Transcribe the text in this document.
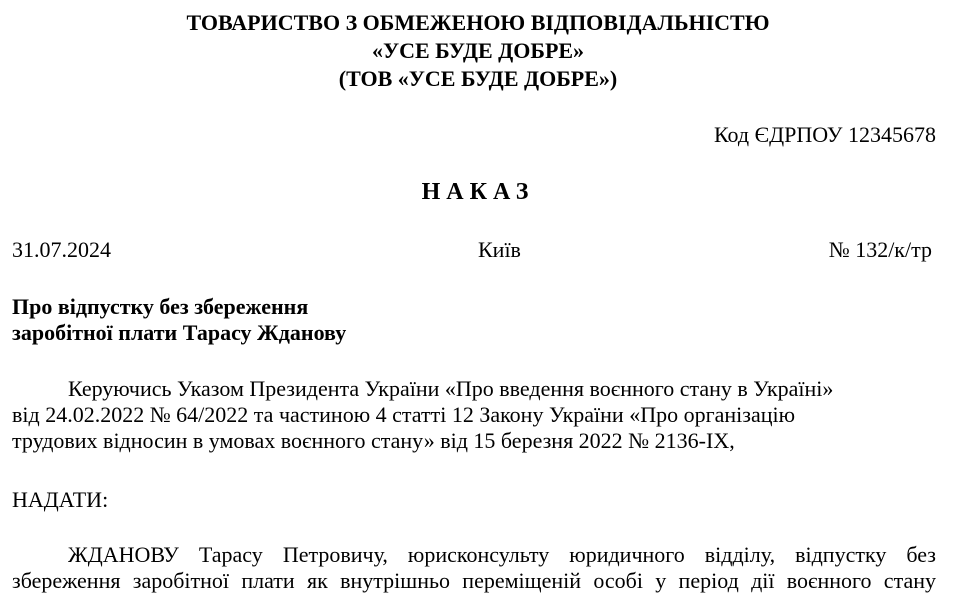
ТОВАРИСТВО З ОБМЕЖЕНОЮ ВІДПОВІДАЛЬНІСТЮ
«УСЕ БУДЕ ДОБРЕ»
(ТОВ «УСЕ БУДЕ ДОБРЕ»)
Код ЄДРПОУ 12345678
НАКАЗ
31.07.2024	Київ	№ 132/к/тр
Про відпустку без збереження
заробітної плати Тарасу Жданову
Керуючись Указом Президента України «Про введення воєнного стану в Україні»
від 24.02.2022 № 64/2022 та частиною 4 статті 12 Закону України «Про організацію
трудових відносин в умовах воєнного стану» від 15 березня 2022 № 2136-ІХ,
НАДАТИ:
ЖДАНОВУ Тарасу Петровичу, юрисконсульту юридичного відділу, відпустку без
збереження заробітної плати як внутрішньо переміщеній особі у період дії воєнного стану
